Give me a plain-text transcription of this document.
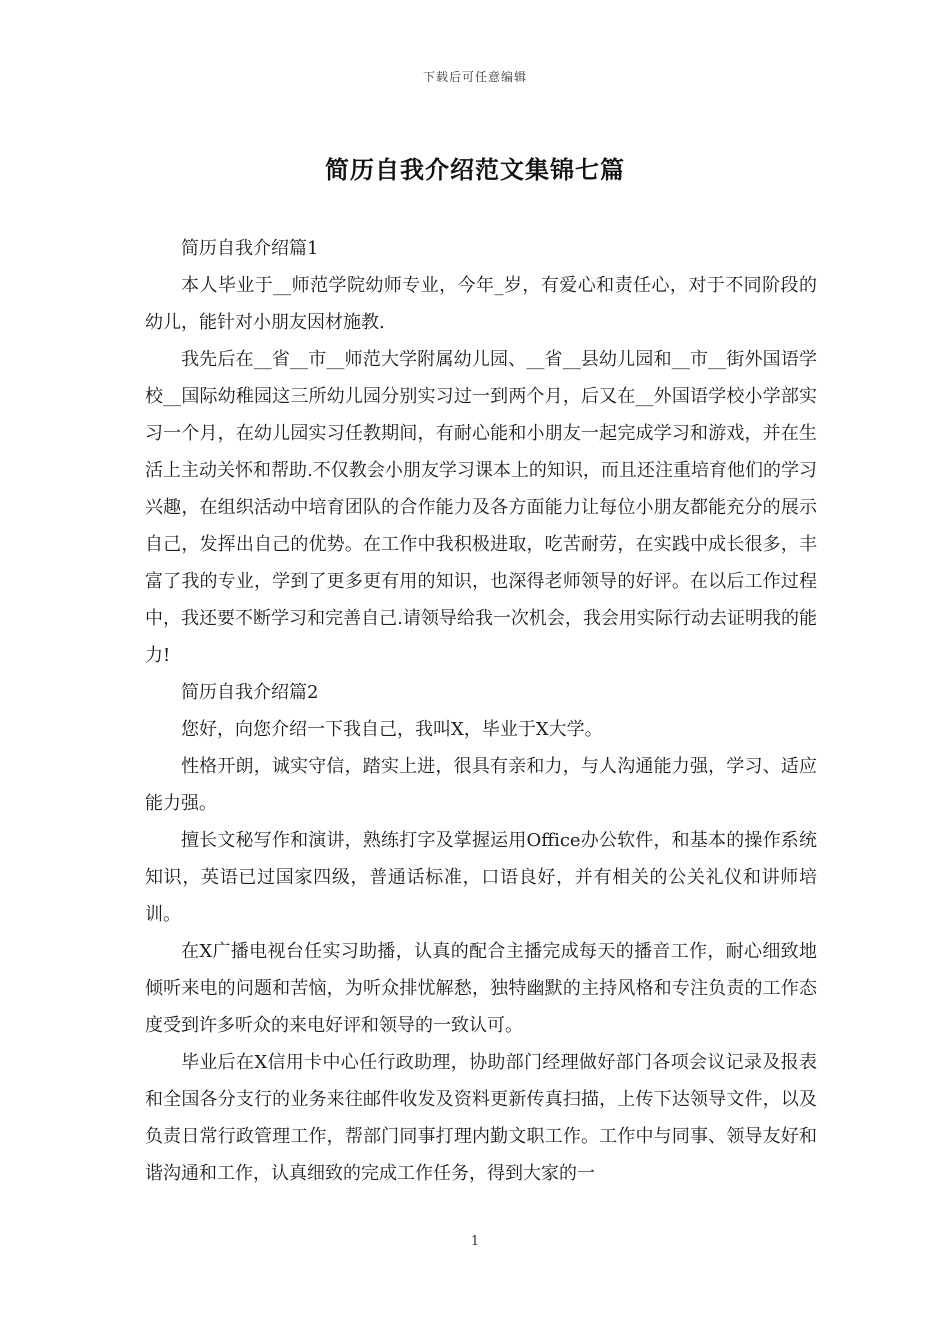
下载后可任意编辑
简历自我介绍范文集锦七篇

简历自我介绍篇1

本人毕业于__师范学院幼师专业，今年_岁，有爱心和责任心，对于不同阶段的幼儿，能针对小朋友因材施教.

我先后在__省__市__师范大学附属幼儿园、__省__县幼儿园和__市__街外国语学校__国际幼稚园这三所幼儿园分别实习过一到两个月，后又在__外国语学校小学部实习一个月，在幼儿园实习任教期间，有耐心能和小朋友一起完成学习和游戏，并在生活上主动关怀和帮助.不仅教会小朋友学习课本上的知识，而且还注重培育他们的学习兴趣，在组织活动中培育团队的合作能力及各方面能力让每位小朋友都能充分的展示自己，发挥出自己的优势。在工作中我积极进取，吃苦耐劳，在实践中成长很多，丰富了我的专业，学到了更多更有用的知识，也深得老师领导的好评。在以后工作过程中，我还要不断学习和完善自己.请领导给我一次机会，我会用实际行动去证明我的能力!

简历自我介绍篇2

您好，向您介绍一下我自己，我叫X，毕业于X大学。

性格开朗，诚实守信，踏实上进，很具有亲和力，与人沟通能力强，学习、适应能力强。

擅长文秘写作和演讲，熟练打字及掌握运用Office办公软件，和基本的操作系统知识，英语已过国家四级，普通话标准，口语良好，并有相关的公关礼仪和讲师培训。

在X广播电视台任实习助播，认真的配合主播完成每天的播音工作，耐心细致地倾听来电的问题和苦恼，为听众排忧解愁，独特幽默的主持风格和专注负责的工作态度受到许多听众的来电好评和领导的一致认可。

毕业后在X信用卡中心任行政助理，协助部门经理做好部门各项会议记录及报表和全国各分支行的业务来往邮件收发及资料更新传真扫描，上传下达领导文件，以及负责日常行政管理工作，帮部门同事打理内勤文职工作。工作中与同事、领导友好和谐沟通和工作，认真细致的完成工作任务，得到大家的一

1
